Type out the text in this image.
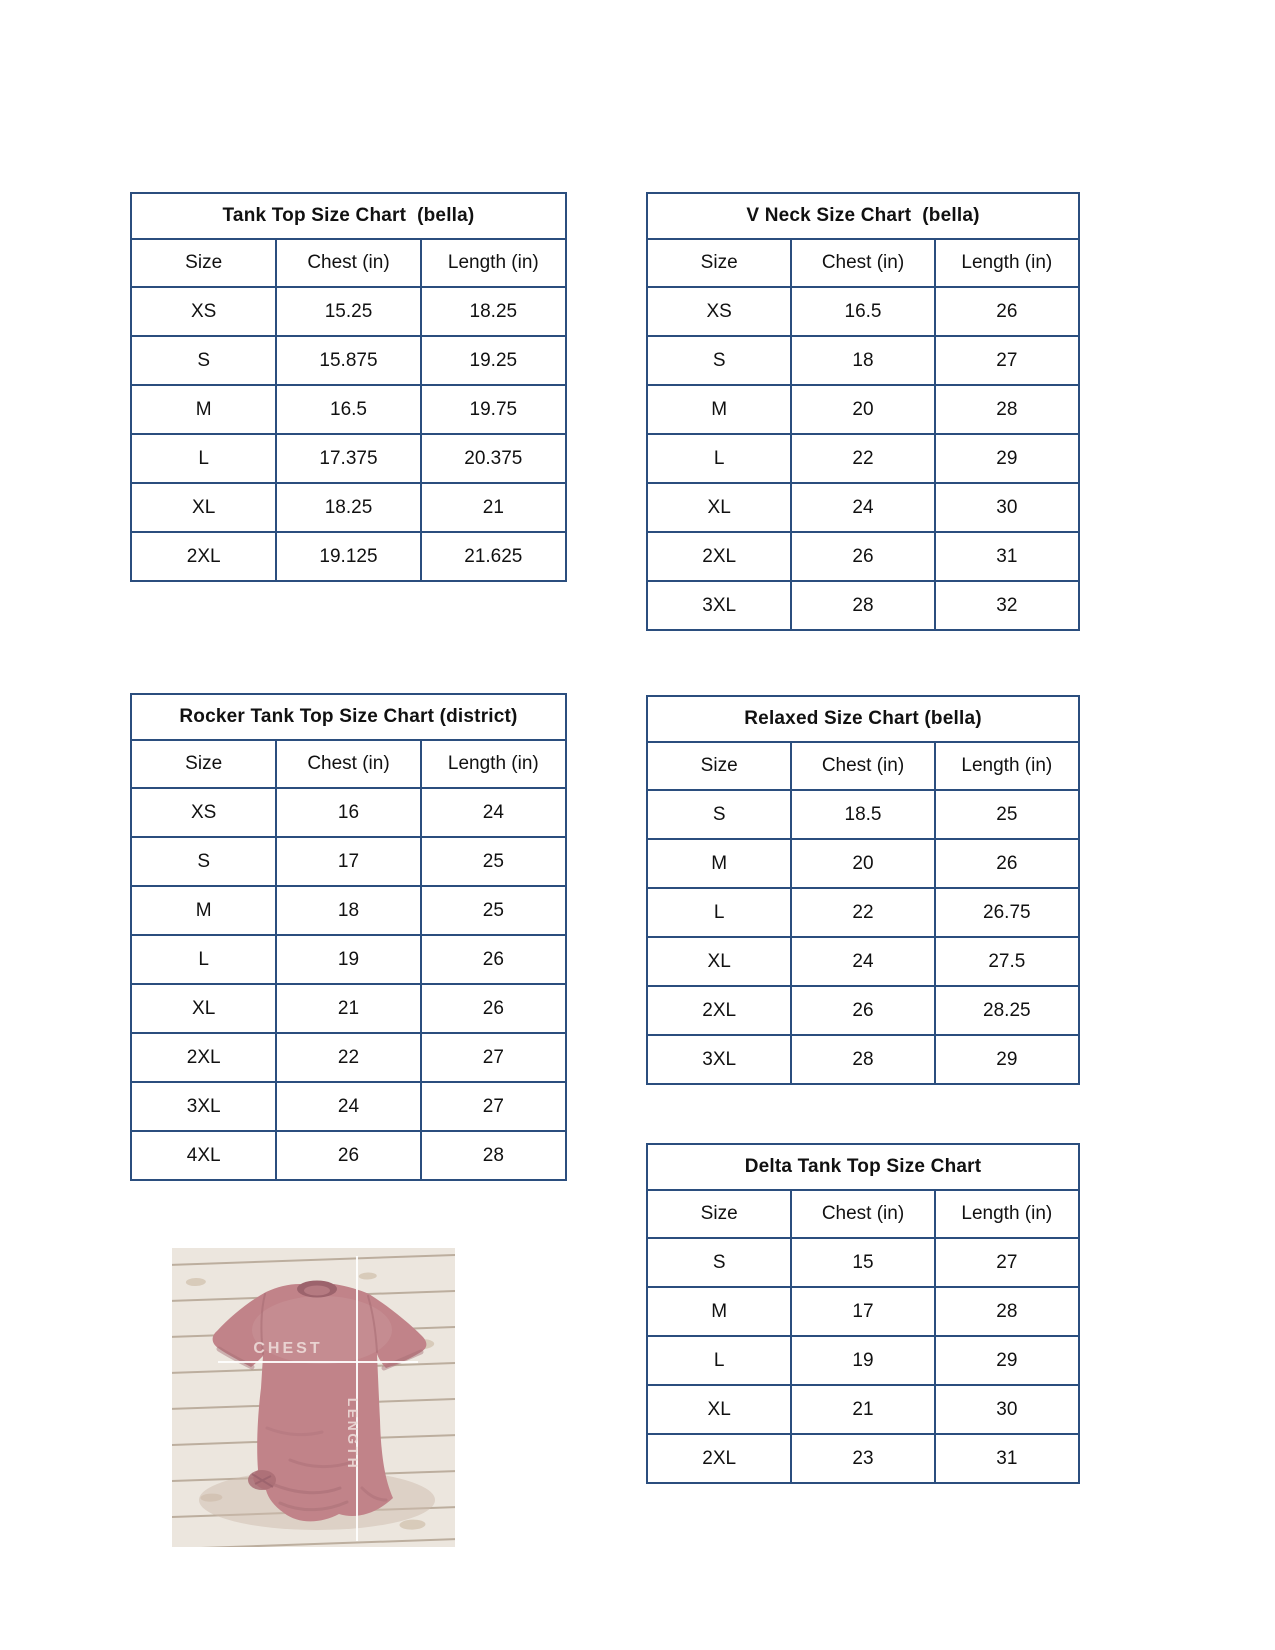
Tank Top Size Chart  (bella)
Size	Chest (in)	Length (in)
XS	15.25	18.25
S	15.875	19.25
M	16.5	19.75
L	17.375	20.375
XL	18.25	21
2XL	19.125	21.625
V Neck Size Chart  (bella)
Size	Chest (in)	Length (in)
XS	16.5	26
S	18	27
M	20	28
L	22	29
XL	24	30
2XL	26	31
3XL	28	32
Rocker Tank Top Size Chart (district)
Size	Chest (in)	Length (in)
XS	16	24
S	17	25
M	18	25
L	19	26
XL	21	26
2XL	22	27
3XL	24	27
4XL	26	28
Relaxed Size Chart (bella)
Size	Chest (in)	Length (in)
S	18.5	25
M	20	26
L	22	26.75
XL	24	27.5
2XL	26	28.25
3XL	28	29
Delta Tank Top Size Chart
Size	Chest (in)	Length (in)
S	15	27
M	17	28
L	19	29
XL	21	30
2XL	23	31
CHEST
LENGTH
